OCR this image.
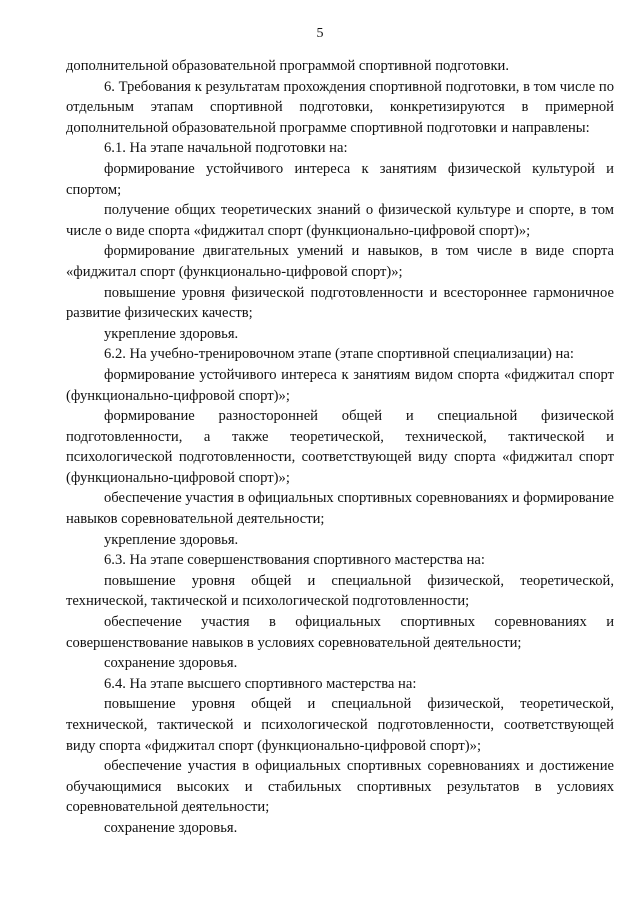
5

дополнительной образовательной программой спортивной подготовки.

6. Требования к результатам прохождения спортивной подготовки, в том числе по отдельным этапам спортивной подготовки, конкретизируются в примерной дополнительной образовательной программе спортивной подготовки и направлены:

6.1. На этапе начальной подготовки на:

формирование устойчивого интереса к занятиям физической культурой и спортом;

получение общих теоретических знаний о физической культуре и спорте, в том числе о виде спорта «фиджитал спорт (функционально-цифровой спорт)»;

формирование двигательных умений и навыков, в том числе в виде спорта «фиджитал спорт (функционально-цифровой спорт)»;

повышение уровня физической подготовленности и всестороннее гармоничное развитие физических качеств;

укрепление здоровья.

6.2. На учебно-тренировочном этапе (этапе спортивной специализации) на:

формирование устойчивого интереса к занятиям видом спорта «фиджитал спорт (функционально-цифровой спорт)»;

формирование разносторонней общей и специальной физической подготовленности, а также теоретической, технической, тактической и психологической подготовленности, соответствующей виду спорта «фиджитал спорт (функционально-цифровой спорт)»;

обеспечение участия в официальных спортивных соревнованиях и формирование навыков соревновательной деятельности;

укрепление здоровья.

6.3. На этапе совершенствования спортивного мастерства на:

повышение уровня общей и специальной физической, теоретической, технической, тактической и психологической подготовленности;

обеспечение участия в официальных спортивных соревнованиях и совершенствование навыков в условиях соревновательной деятельности;

сохранение здоровья.

6.4. На этапе высшего спортивного мастерства на:

повышение уровня общей и специальной физической, теоретической, технической, тактической и психологической подготовленности, соответствующей виду спорта «фиджитал спорт (функционально-цифровой спорт)»;

обеспечение участия в официальных спортивных соревнованиях и достижение обучающимися высоких и стабильных спортивных результатов в условиях соревновательной деятельности;

сохранение здоровья.
